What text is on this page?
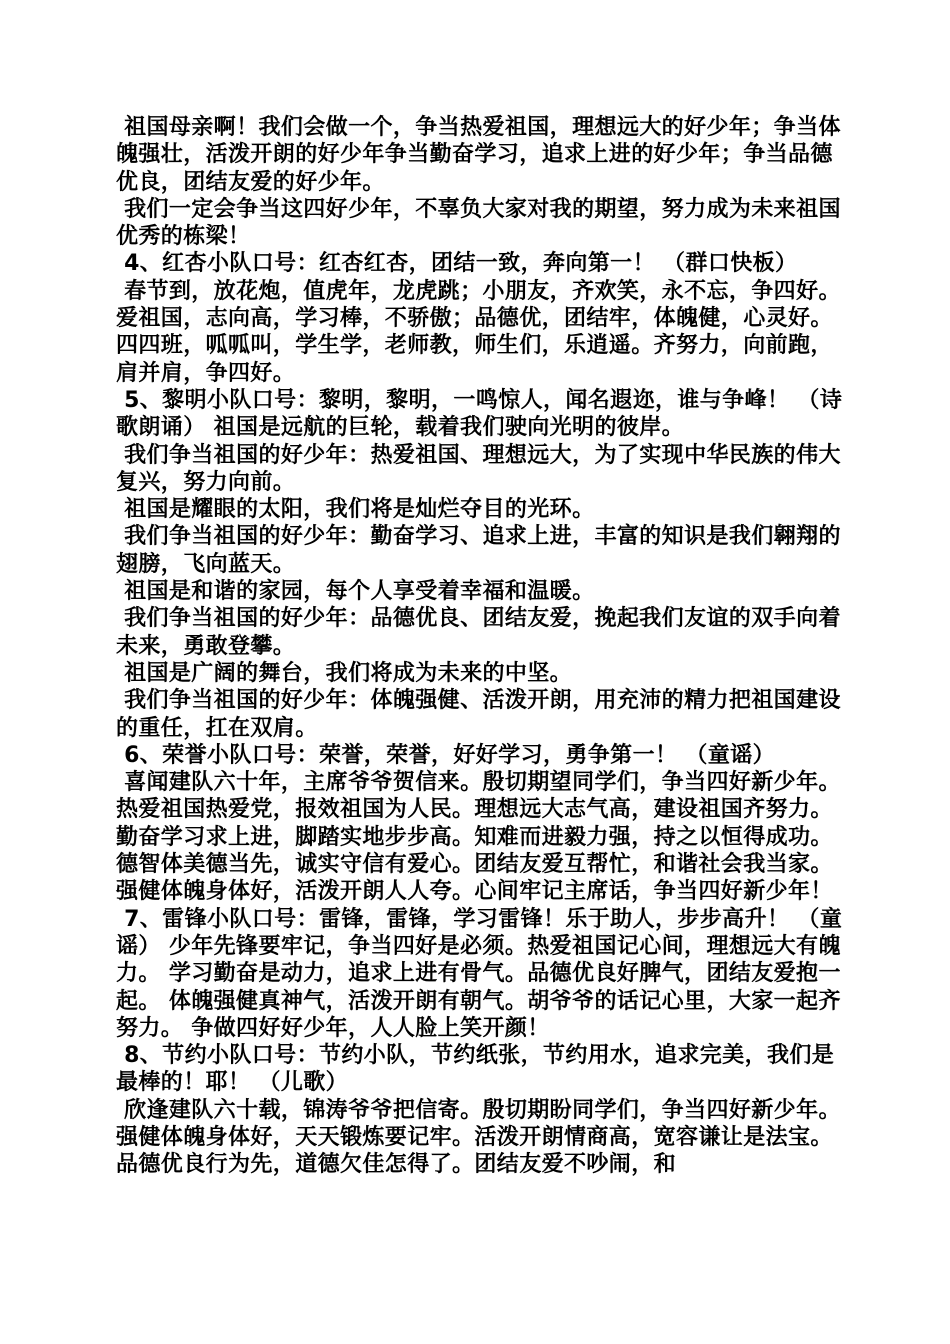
祖国母亲啊！我们会做一个，争当热爱祖国，理想远大的好少年；争当体魄强壮，活泼开朗的好少年争当勤奋学习，追求上进的好少年；争当品德优良，团结友爱的好少年。

我们一定会争当这四好少年，不辜负大家对我的期望，努力成为未来祖国优秀的栋梁！

4、红杏小队口号：红杏红杏，团结一致，奔向第一！ （群口快板）

春节到，放花炮，值虎年，龙虎跳；小朋友，齐欢笑，永不忘，争四好。爱祖国，志向高，学习棒，不骄傲；品德优，团结牢，体魄健，心灵好。四四班，呱呱叫，学生学，老师教，师生们，乐逍遥。齐努力，向前跑，肩并肩，争四好。

5、黎明小队口号：黎明，黎明，一鸣惊人，闻名遐迩，谁与争峰！ （诗歌朗诵） 祖国是远航的巨轮，载着我们驶向光明的彼岸。

我们争当祖国的好少年：热爱祖国、理想远大，为了实现中华民族的伟大复兴，努力向前。

祖国是耀眼的太阳，我们将是灿烂夺目的光环。

我们争当祖国的好少年：勤奋学习、追求上进，丰富的知识是我们翱翔的翅膀，飞向蓝天。

祖国是和谐的家园，每个人享受着幸福和温暖。

我们争当祖国的好少年：品德优良、团结友爱，挽起我们友谊的双手向着未来，勇敢登攀。

祖国是广阔的舞台，我们将成为未来的中坚。

我们争当祖国的好少年：体魄强健、活泼开朗，用充沛的精力把祖国建设的重任，扛在双肩。

6、荣誉小队口号：荣誉，荣誉，好好学习，勇争第一！ （童谣）

喜闻建队六十年，主席爷爷贺信来。殷切期望同学们，争当四好新少年。 热爱祖国热爱党，报效祖国为人民。理想远大志气高，建设祖国齐努力。 勤奋学习求上进，脚踏实地步步高。知难而进毅力强，持之以恒得成功。 德智体美德当先，诚实守信有爱心。团结友爱互帮忙，和谐社会我当家。 强健体魄身体好，活泼开朗人人夸。心间牢记主席话，争当四好新少年！

7、雷锋小队口号：雷锋，雷锋，学习雷锋！乐于助人，步步高升！ （童谣） 少年先锋要牢记，争当四好是必须。热爱祖国记心间，理想远大有魄力。 学习勤奋是动力，追求上进有骨气。品德优良好脾气，团结友爱抱一起。 体魄强健真神气，活泼开朗有朝气。胡爷爷的话记心里，大家一起齐努力。 争做四好好少年，人人脸上笑开颜！

8、节约小队口号：节约小队，节约纸张，节约用水，追求完美，我们是最棒的！耶！ （儿歌）

欣逢建队六十载，锦涛爷爷把信寄。殷切期盼同学们，争当四好新少年。强健体魄身体好，天天锻炼要记牢。活泼开朗情商高，宽容谦让是法宝。品德优良行为先，道德欠佳怎得了。团结友爱不吵闹，和
